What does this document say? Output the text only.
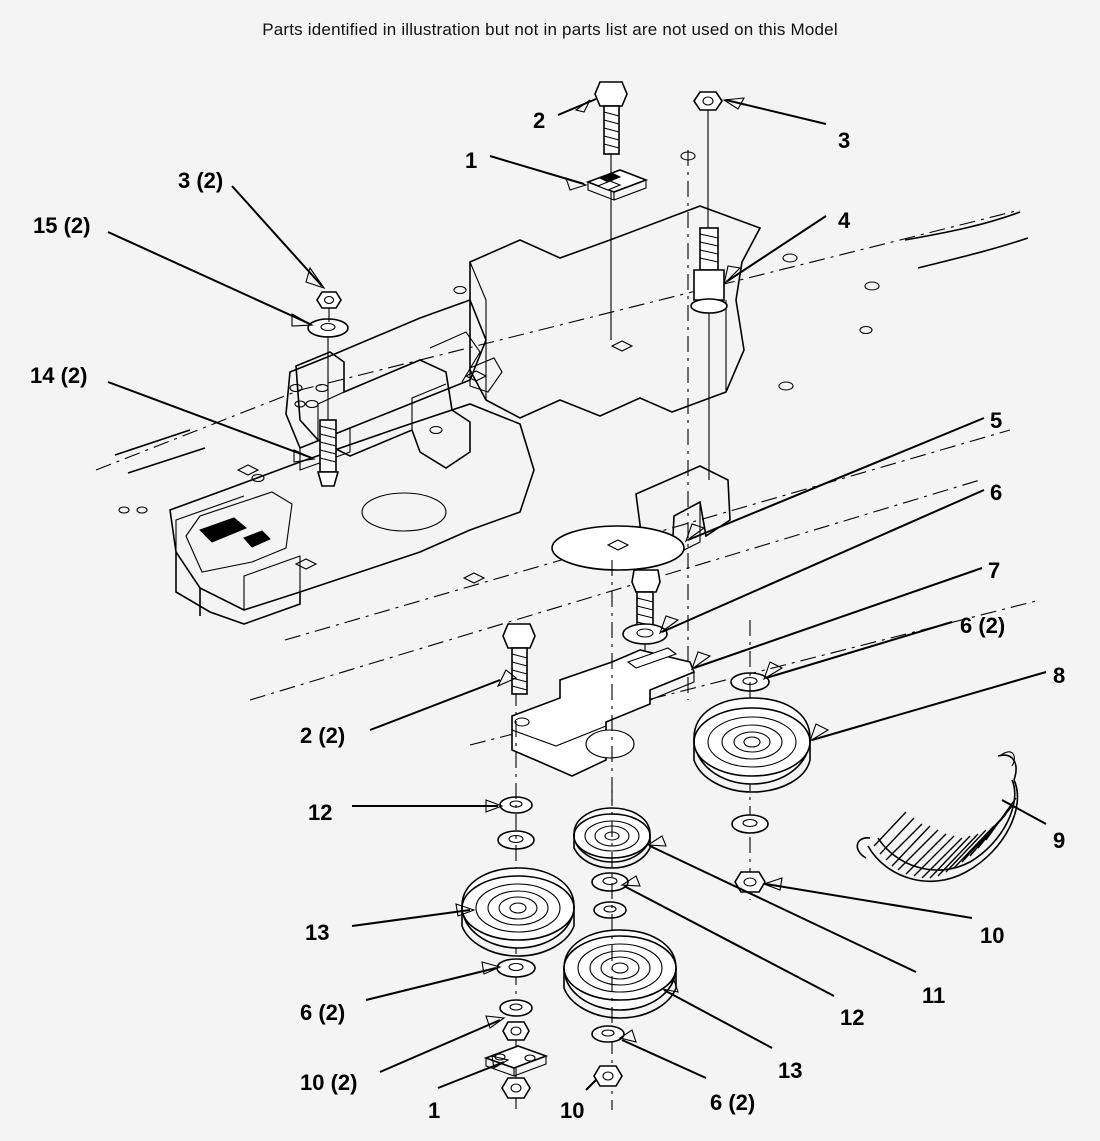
Parts identified in illustration but not in parts list are not used on this Model
2
3
1
3 (2)
4
15 (2)
14 (2)
5
6
7
6 (2)
8
2 (2)
9
12
13	10
11
6 (2)	12
13
10 (2)
1	10	6 (2)
